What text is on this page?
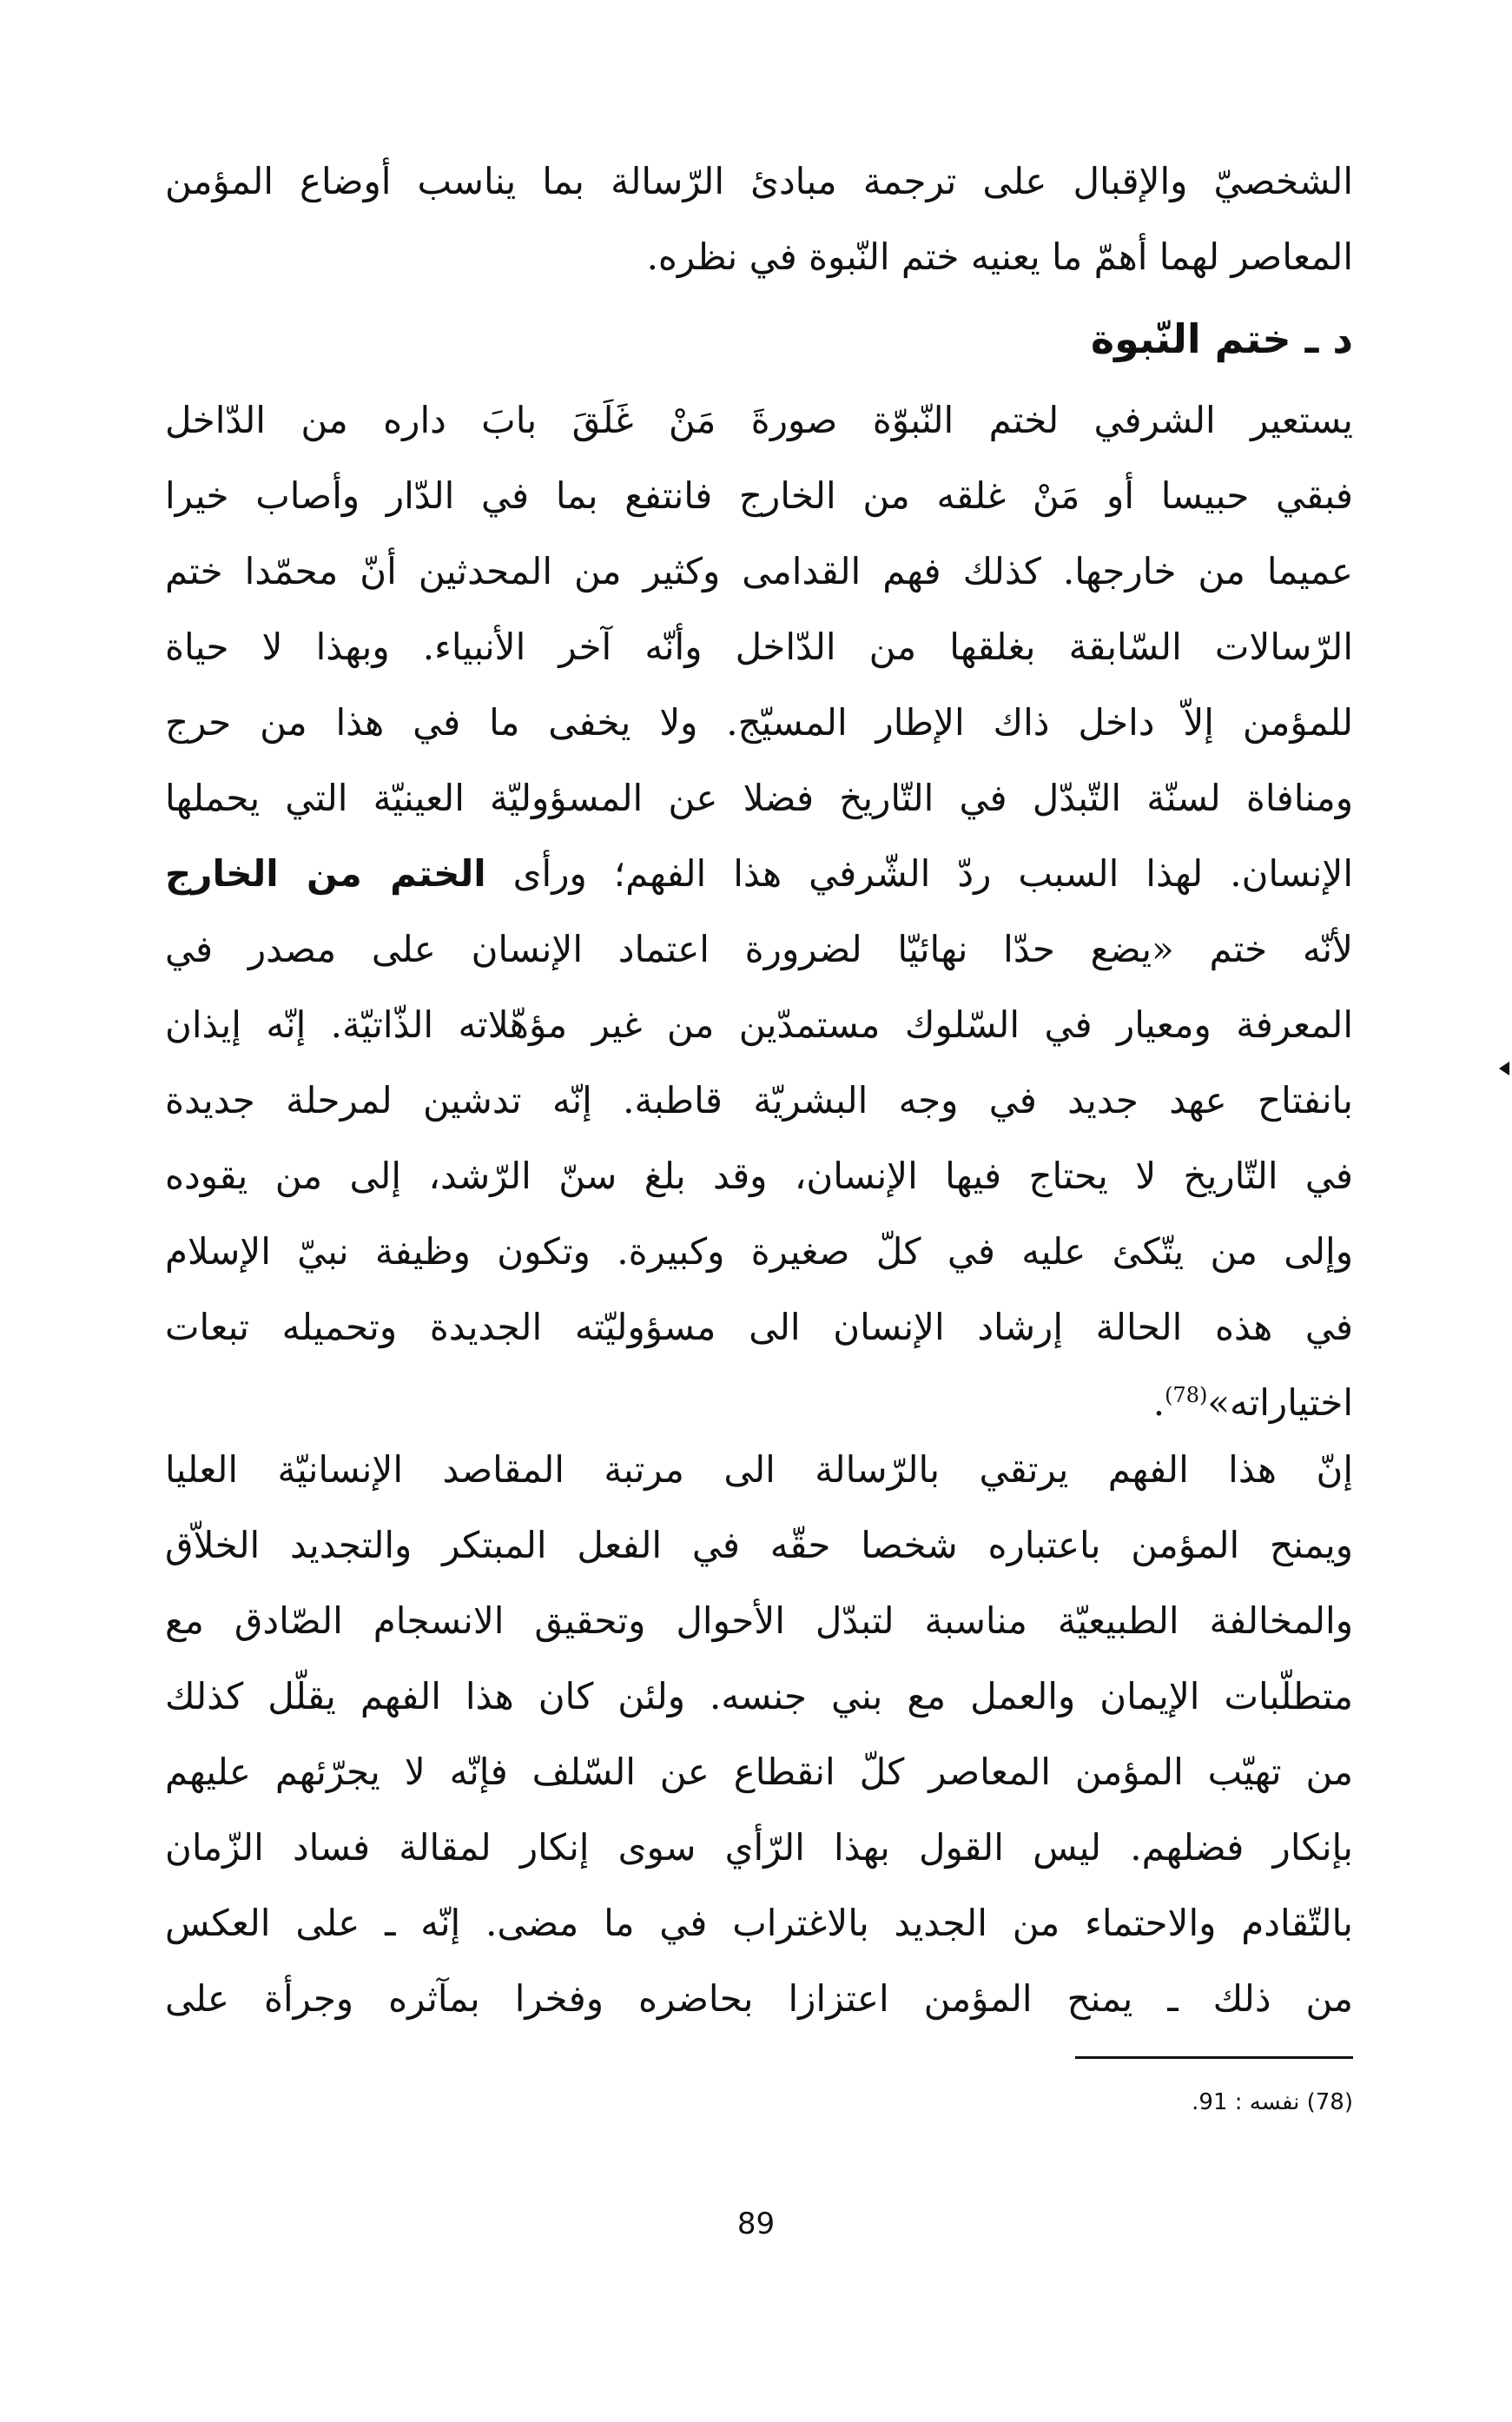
الشخصيّ والإقبال على ترجمة مبادئ الرّسالة بما يناسب أوضاع المؤمن
المعاصر لهما أهمّ ما يعنيه ختم النّبوة في نظره.
د ـ ختم النّبوة
يستعير الشرفي لختم النّبوّة صورةَ مَنْ غَلَقَ بابَ داره من الدّاخل
فبقي حبيسا أو مَنْ غلقه من الخارج فانتفع بما في الدّار وأصاب خيرا
عميما من خارجها. كذلك فهم القدامى وكثير من المحدثين أنّ محمّدا ختم
الرّسالات السّابقة بغلقها من الدّاخل وأنّه آخر الأنبياء. وبهذا لا حياة
للمؤمن إلاّ داخل ذاك الإطار المسيّج. ولا يخفى ما في هذا من حرج
ومنافاة لسنّة التّبدّل في التّاريخ فضلا عن المسؤوليّة العينيّة التي يحملها
الإنسان. لهذا السبب ردّ الشّرفي هذا الفهم؛ ورأى الختم من الخارج
لأنّه ختم «يضع حدّا نهائيّا لضرورة اعتماد الإنسان على مصدر في
المعرفة ومعيار في السّلوك مستمدّين من غير مؤهّلاته الذّاتيّة. إنّه إيذان
بانفتاح عهد جديد في وجه البشريّة قاطبة. إنّه تدشين لمرحلة جديدة
في التّاريخ لا يحتاج فيها الإنسان، وقد بلغ سنّ الرّشد، إلى من يقوده
وإلى من يتّكئ عليه في كلّ صغيرة وكبيرة. وتكون وظيفة نبيّ الإسلام
في هذه الحالة إرشاد الإنسان الى مسؤوليّته الجديدة وتحميله تبعات
اختياراته»$^{(78)}$.
إنّ هذا الفهم يرتقي بالرّسالة الى مرتبة المقاصد الإنسانيّة العليا
ويمنح المؤمن باعتباره شخصا حقّه في الفعل المبتكر والتجديد الخلاّق
والمخالفة الطبيعيّة مناسبة لتبدّل الأحوال وتحقيق الانسجام الصّادق مع
متطلّبات الإيمان والعمل مع بني جنسه. ولئن كان هذا الفهم يقلّل كذلك
من تهيّب المؤمن المعاصر كلّ انقطاع عن السّلف فإنّه لا يجرّئهم عليهم
بإنكار فضلهم. ليس القول بهذا الرّأي سوى إنكار لمقالة فساد الزّمان
بالتّقادم والاحتماء من الجديد بالاغتراب في ما مضى. إنّه ـ على العكس
من ذلك ـ يمنح المؤمن اعتزازا بحاضره وفخرا بمآثره وجرأة على
(78) نفسه : 91.
89
